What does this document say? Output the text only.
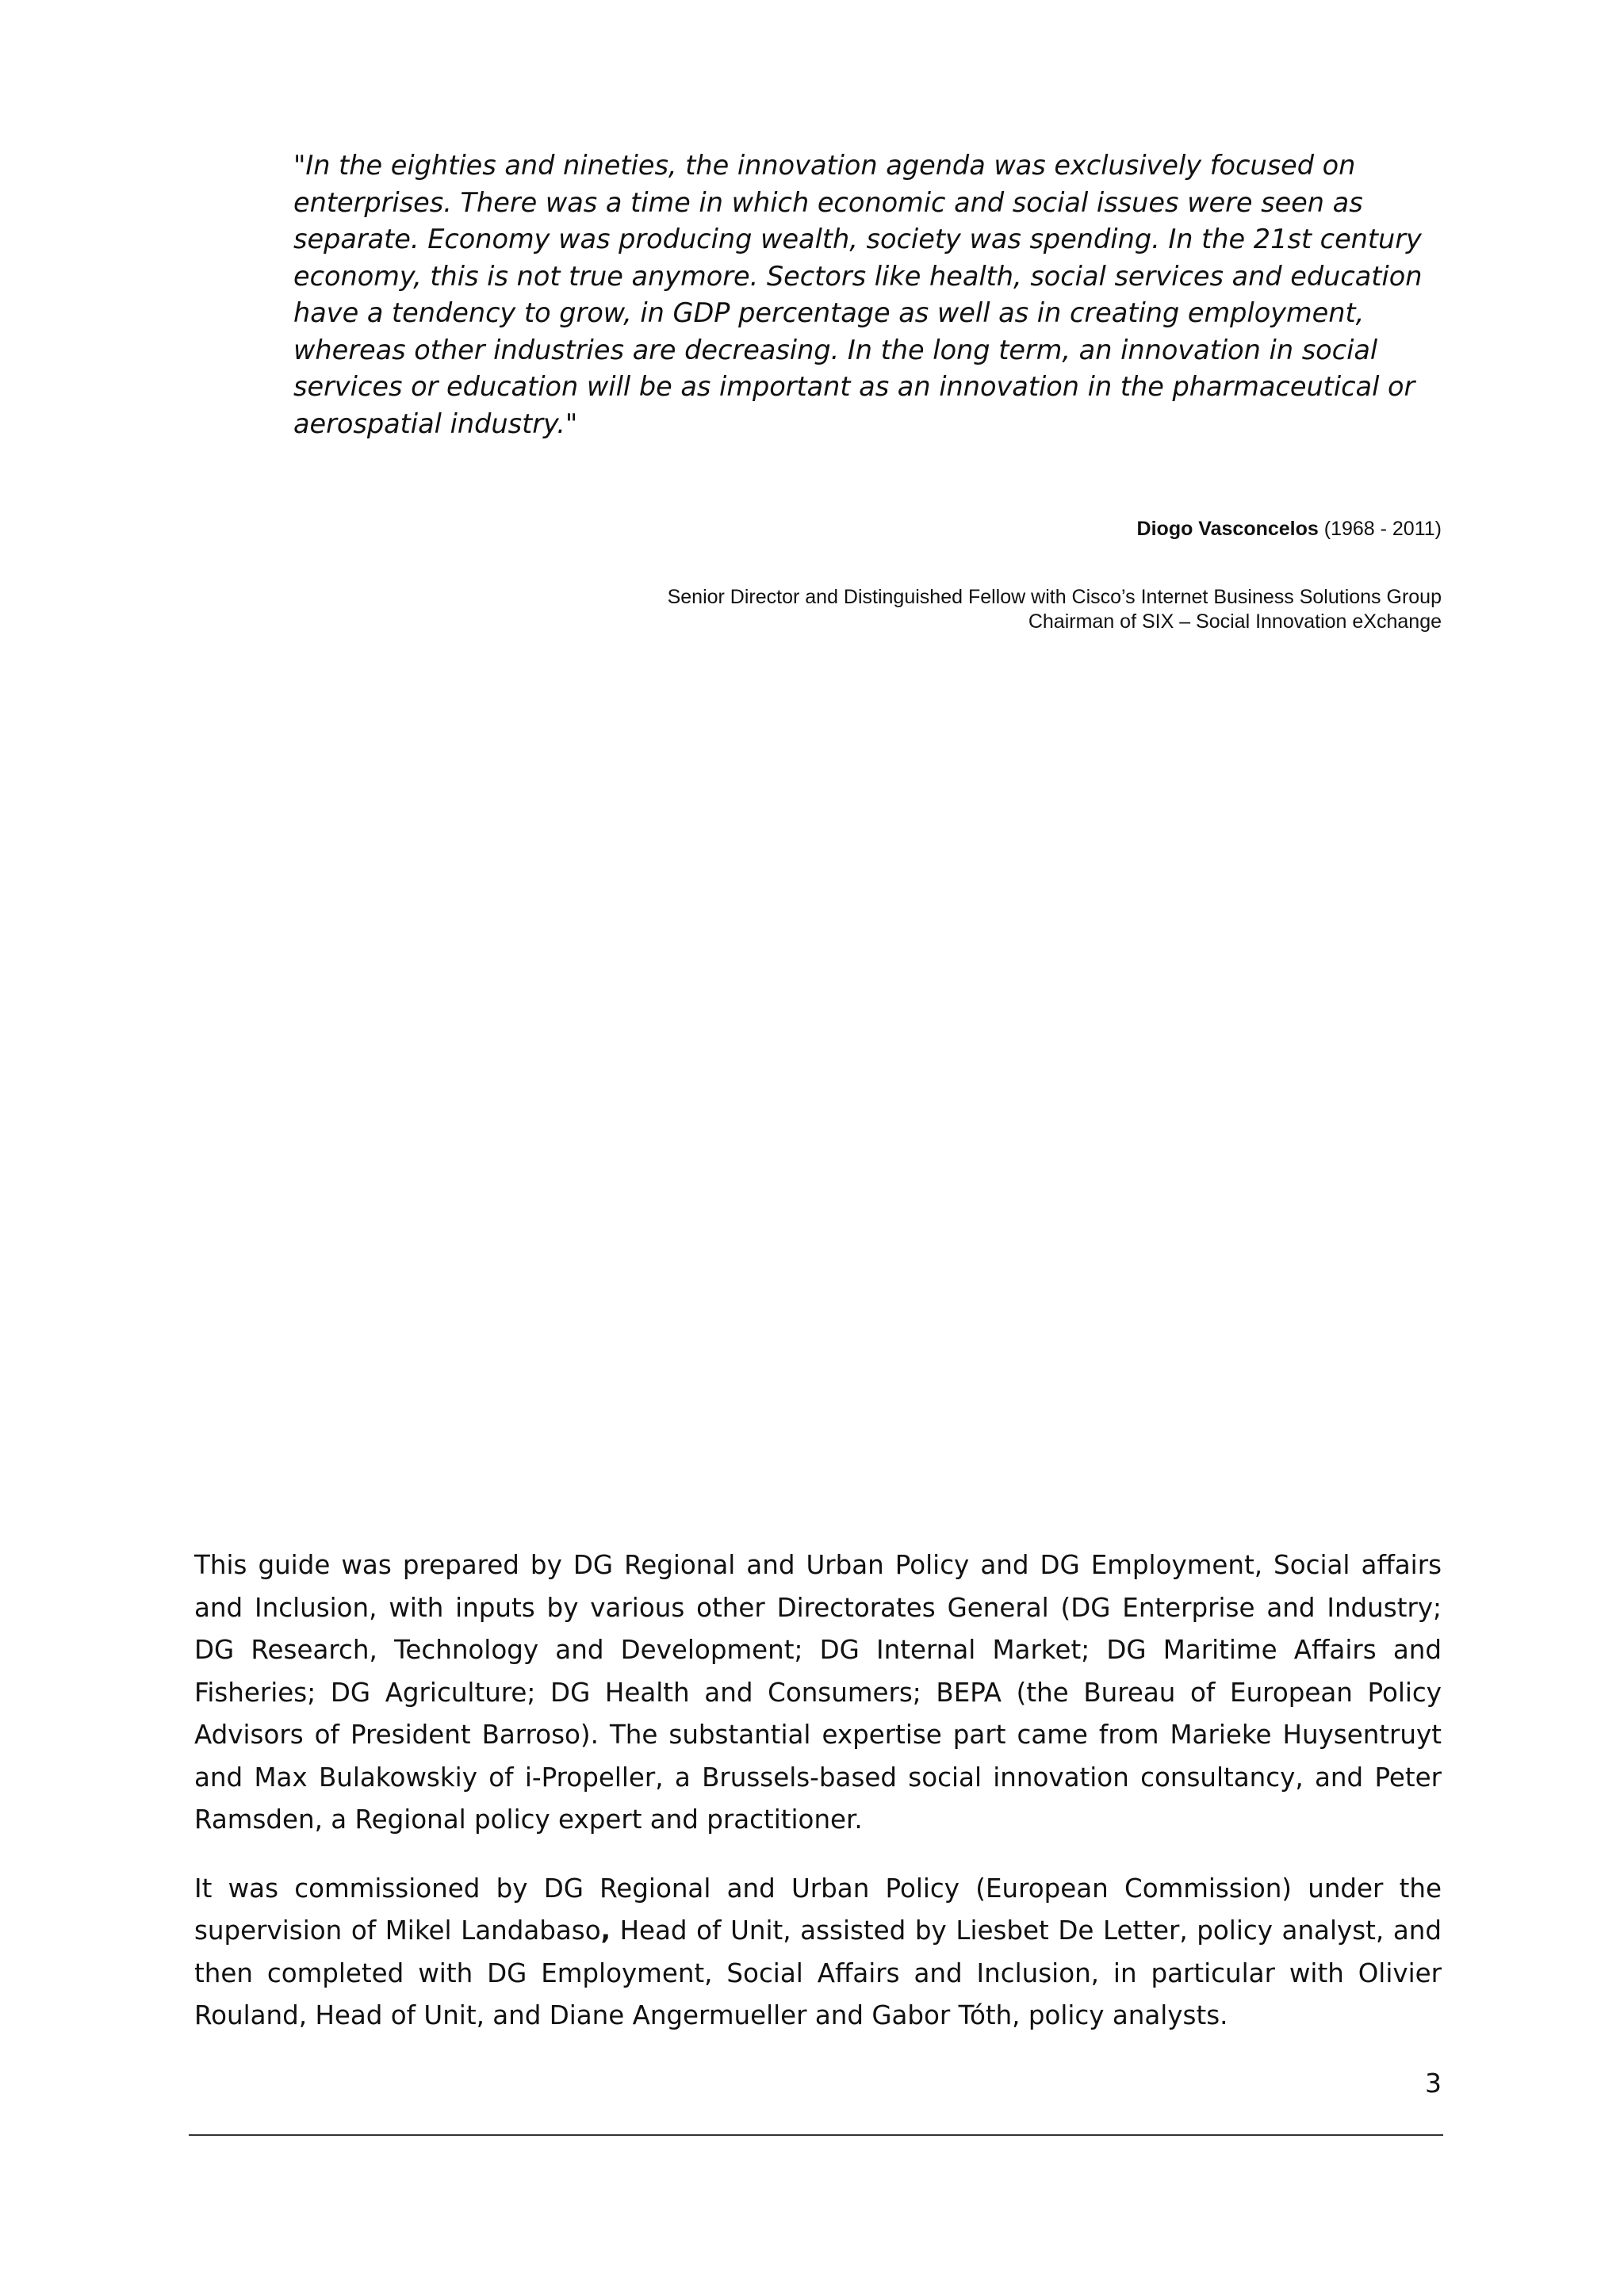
"In the eighties and nineties, the innovation agenda was exclusively focused on enterprises. There was a time in which economic and social issues were seen as separate. Economy was producing wealth, society was spending. In the 21st century economy, this is not true anymore. Sectors like health, social services and education have a tendency to grow, in GDP percentage as well as in creating employment, whereas other industries are decreasing. In the long term, an innovation in social services or education will be as important as an innovation in the pharmaceutical or aerospatial industry."

Diogo Vasconcelos (1968 - 2011)

Senior Director and Distinguished Fellow with Cisco’s Internet Business Solutions Group
Chairman of SIX – Social Innovation eXchange

This guide was prepared by DG Regional and Urban Policy and DG Employment, Social affairs and Inclusion, with inputs by various other Directorates General (DG Enterprise and Industry; DG Research, Technology and Development; DG Internal Market; DG Maritime Affairs and Fisheries; DG Agriculture; DG Health and Consumers; BEPA (the Bureau of European Policy Advisors of President Barroso). The substantial expertise part came from Marieke Huysentruyt and Max Bulakowskiy of i-Propeller, a Brussels-based social innovation consultancy, and Peter Ramsden, a Regional policy expert and practitioner.

It was commissioned by DG Regional and Urban Policy (European Commission) under the supervision of Mikel Landabaso, Head of Unit, assisted by Liesbet De Letter, policy analyst, and then completed with DG Employment, Social Affairs and Inclusion, in particular with Olivier Rouland, Head of Unit, and Diane Angermueller and Gabor Tóth, policy analysts.

3
